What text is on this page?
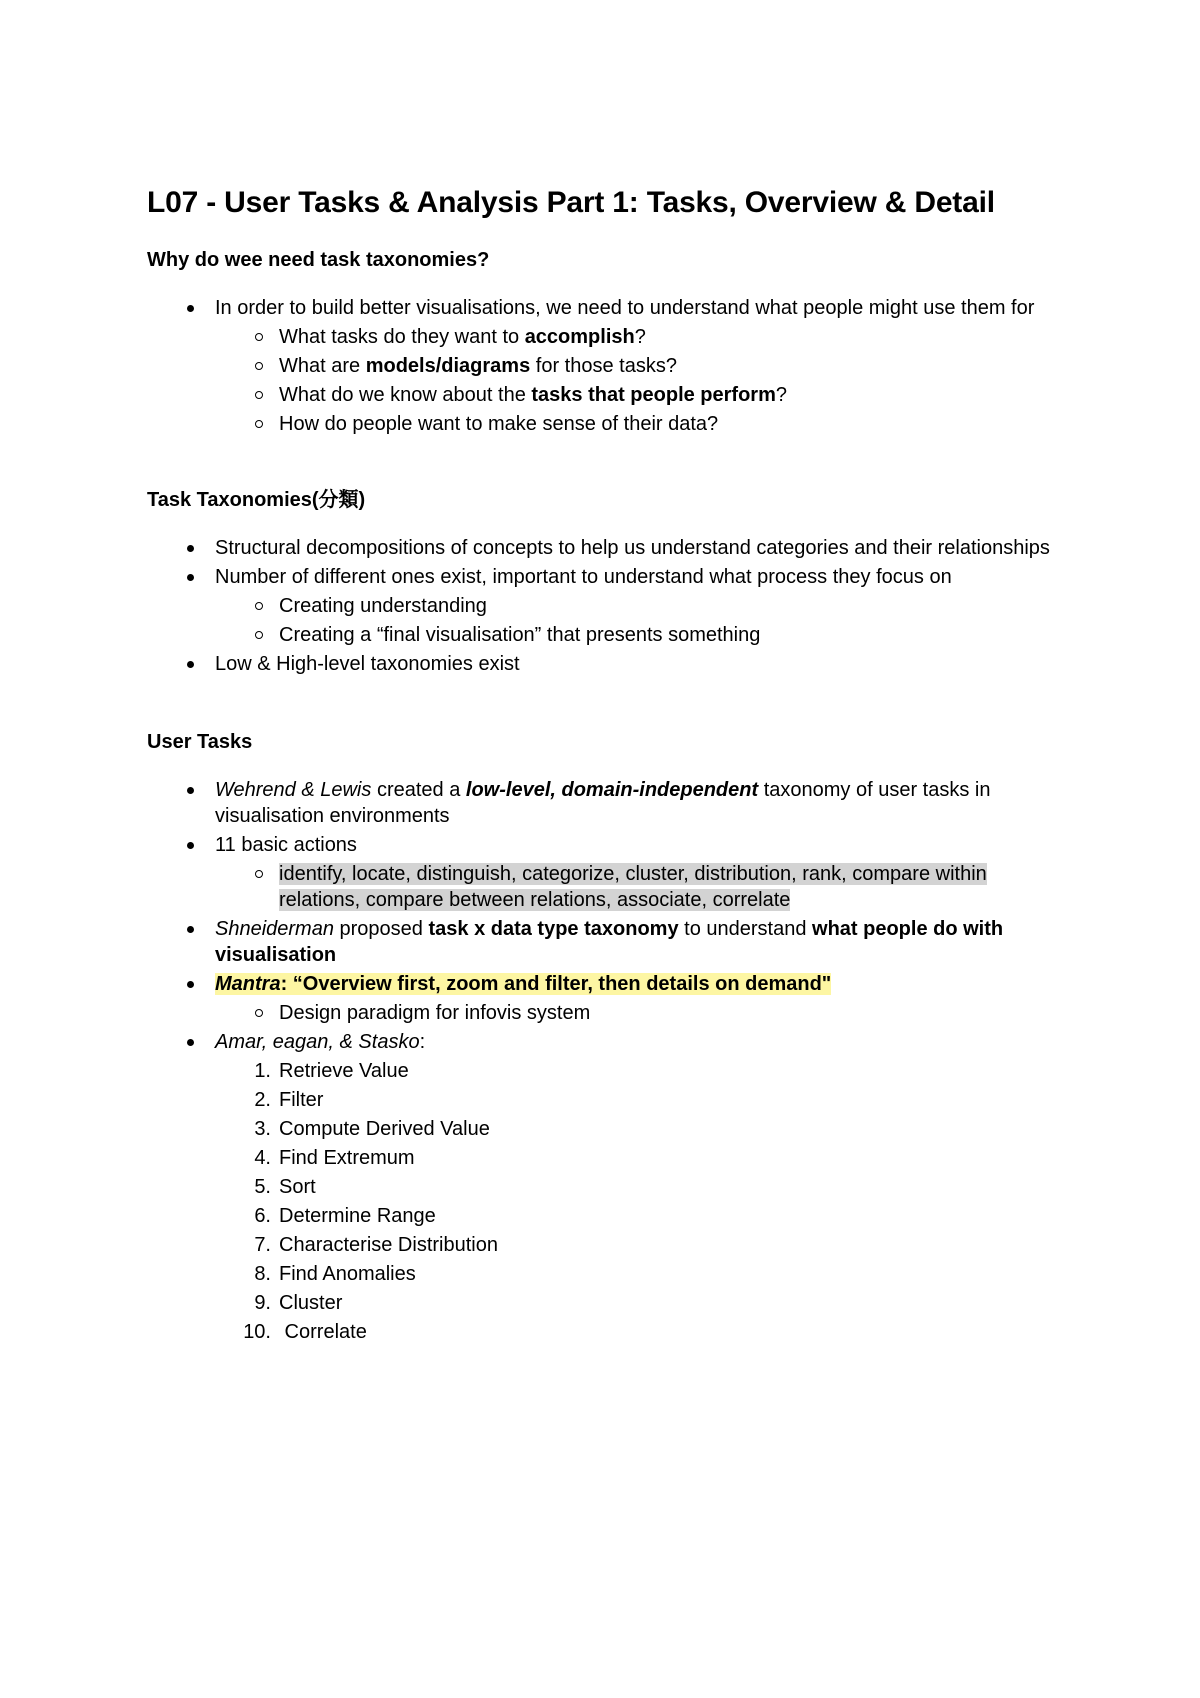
L07 - User Tasks & Analysis Part 1: Tasks, Overview & Detail
Why do wee need task taxonomies?
In order to build better visualisations, we need to understand what people might use them for
What tasks do they want to accomplish?
What are models/diagrams for those tasks?
What do we know about the tasks that people perform?
How do people want to make sense of their data?
Task Taxonomies(分類)
Structural decompositions of concepts to help us understand categories and their relationships
Number of different ones exist, important to understand what process they focus on
Creating understanding
Creating a “final visualisation” that presents something
Low & High-level taxonomies exist
User Tasks
Wehrend & Lewis created a low-level, domain-independent taxonomy of user tasks in visualisation environments
11 basic actions
identify, locate, distinguish, categorize, cluster, distribution, rank, compare within relations, compare between relations, associate, correlate
Shneiderman proposed task x data type taxonomy to understand what people do with visualisation
Mantra: “Overview first, zoom and filter, then details on demand"
Design paradigm for infovis system
Amar, eagan, & Stasko:
1. Retrieve Value
2. Filter
3. Compute Derived Value
4. Find Extremum
5. Sort
6. Determine Range
7. Characterise Distribution
8. Find Anomalies
9. Cluster
10. Correlate
